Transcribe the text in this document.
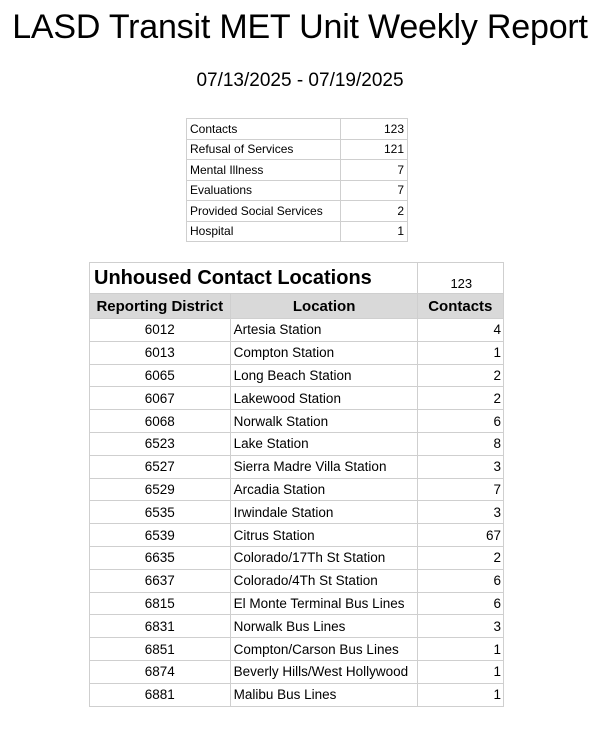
LASD Transit MET Unit Weekly Report
07/13/2025 - 07/19/2025
Contacts	123
Refusal of Services	121
Mental Illness	7
Evaluations	7
Provided Social Services	2
Hospital	1
Unhoused Contact Locations		123
Reporting District	Location	Contacts
6012	Artesia Station	4
6013	Compton Station	1
6065	Long Beach Station	2
6067	Lakewood Station	2
6068	Norwalk Station	6
6523	Lake Station	8
6527	Sierra Madre Villa Station	3
6529	Arcadia Station	7
6535	Irwindale Station	3
6539	Citrus Station	67
6635	Colorado/17Th St Station	2
6637	Colorado/4Th St Station	6
6815	El Monte Terminal Bus Lines	6
6831	Norwalk Bus Lines	3
6851	Compton/Carson Bus Lines	1
6874	Beverly Hills/West Hollywood	1
6881	Malibu Bus Lines	1
